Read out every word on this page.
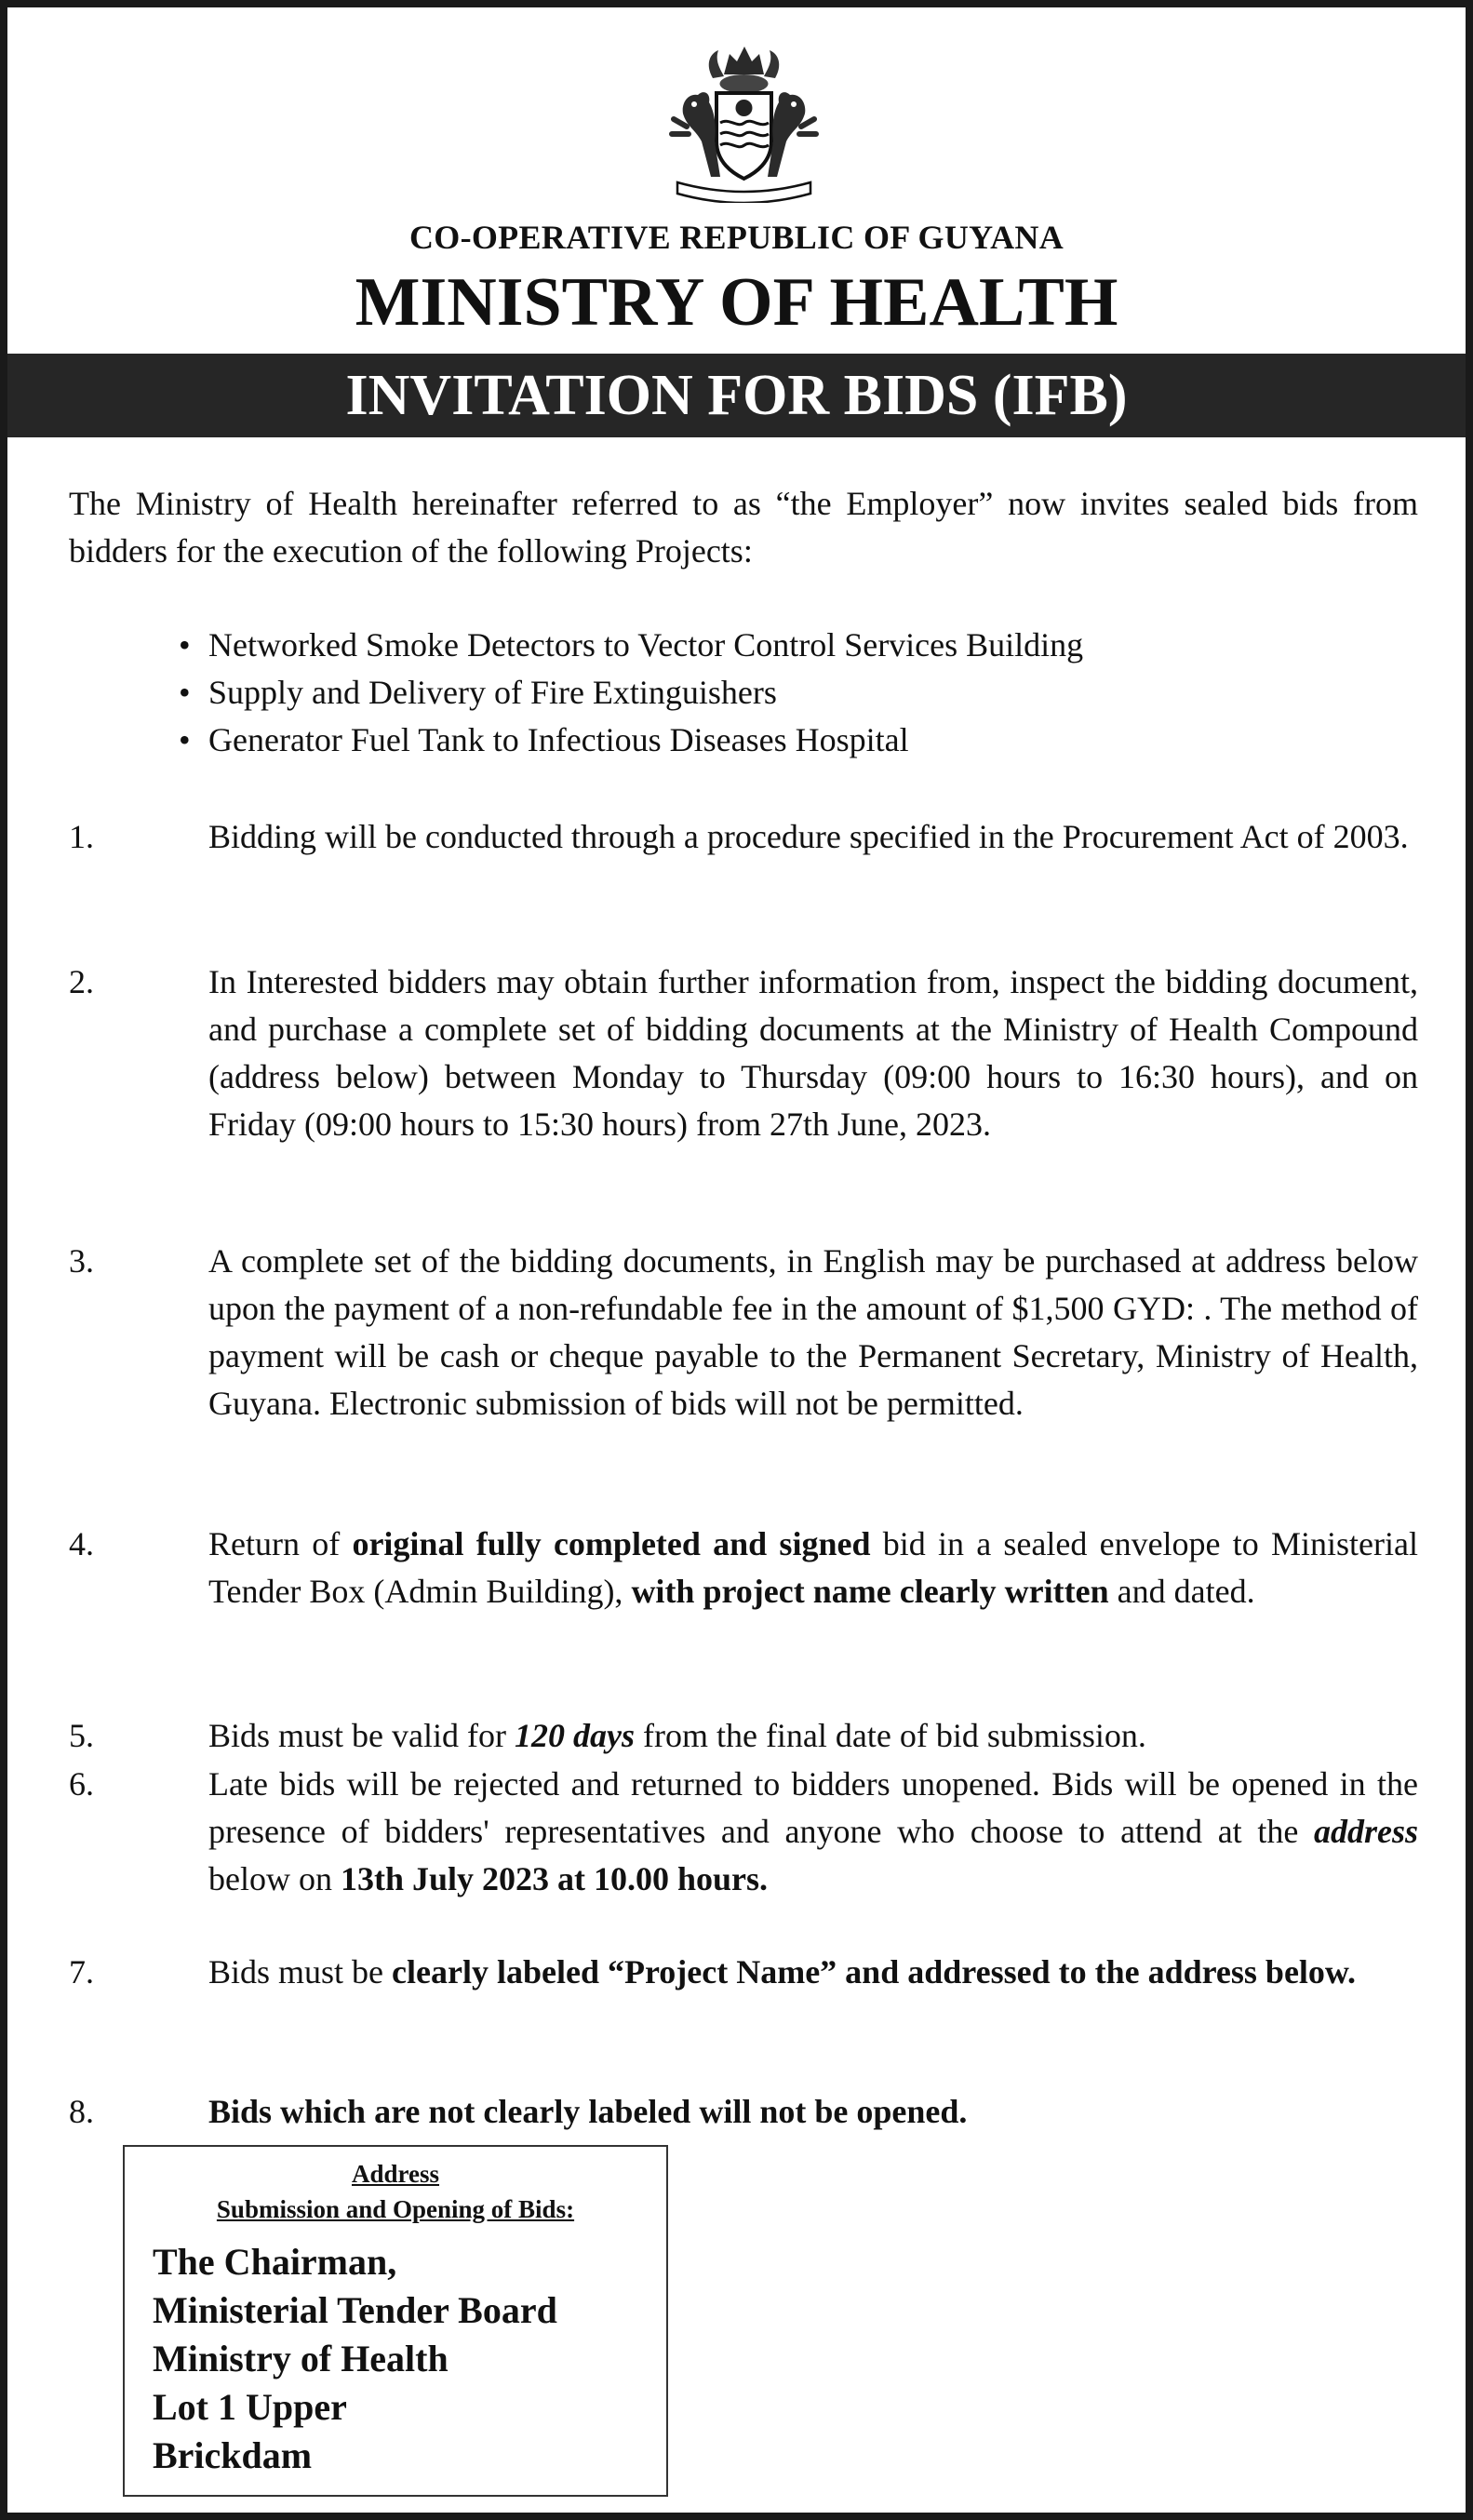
CO-OPERATIVE REPUBLIC OF GUYANA
MINISTRY OF HEALTH
INVITATION FOR BIDS (IFB)
The Ministry of Health hereinafter referred to as “the Employer” now invites sealed bids from bidders for the execution of the following Projects:
• Networked Smoke Detectors to Vector Control Services Building
• Supply and Delivery of Fire Extinguishers
• Generator Fuel Tank to Infectious Diseases Hospital
1.	Bidding will be conducted through a procedure specified in the Procurement Act of 2003.
2.	In Interested bidders may obtain further information from, inspect the bidding document, and purchase a complete set of bidding documents at the Ministry of Health Compound (address below) between Monday to Thursday (09:00 hours to 16:30 hours), and on Friday (09:00 hours to 15:30 hours) from 27th June, 2023.
3.	A complete set of the bidding documents, in English may be purchased at address below upon the payment of a non-refundable fee in the amount of $1,500 GYD: . The method of payment will be cash or cheque payable to the Permanent Secretary, Ministry of Health, Guyana. Electronic submission of bids will not be permitted.
4.	Return of original fully completed and signed bid in a sealed envelope to Ministerial Tender Box (Admin Building), with project name clearly written and dated.
5.	Bids must be valid for 120 days from the final date of bid submission.
6.	Late bids will be rejected and returned to bidders unopened. Bids will be opened in the presence of bidders' representatives and anyone who choose to attend at the address below on 13th July 2023 at 10.00 hours.
7.	Bids must be clearly labeled “Project Name” and addressed to the address below.
8.	Bids which are not clearly labeled will not be opened.
Address
Submission and Opening of Bids:
The Chairman,
Ministerial Tender Board
Ministry of Health
Lot 1 Upper
Brickdam
